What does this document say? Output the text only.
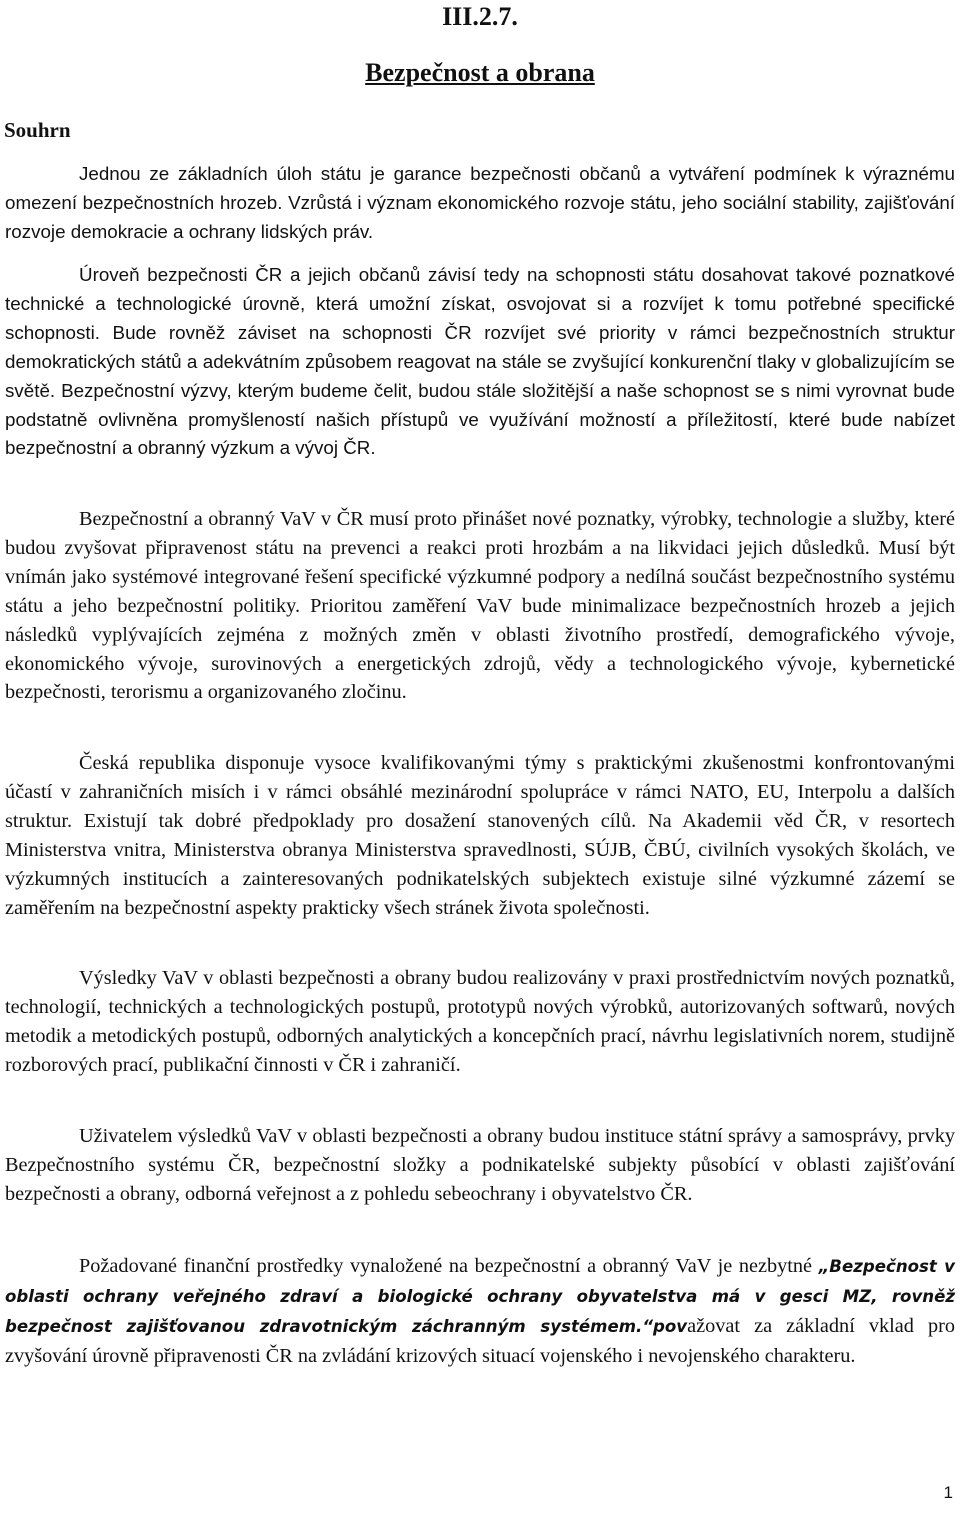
III.2.7.

Bezpečnost a obrana

Souhrn

Jednou ze základních úloh státu je garance bezpečnosti občanů a vytváření podmínek k výraznému omezení bezpečnostních hrozeb. Vzrůstá i význam ekonomického rozvoje státu, jeho sociální stability, zajišťování rozvoje demokracie a ochrany lidských práv.

Úroveň bezpečnosti ČR a jejich občanů závisí tedy na schopnosti státu dosahovat takové poznatkové technické a technologické úrovně, která umožní získat, osvojovat si a rozvíjet k tomu potřebné specifické schopnosti. Bude rovněž záviset na schopnosti ČR rozvíjet své priority v rámci bezpečnostních struktur demokratických států a adekvátním způsobem reagovat na stále se zvyšující konkurenční tlaky v globalizujícím se světě. Bezpečnostní výzvy, kterým budeme čelit, budou stále složitější a naše schopnost se s nimi vyrovnat bude podstatně ovlivněna promyšleností našich přístupů ve využívání možností a příležitostí, které bude nabízet bezpečnostní a obranný výzkum a vývoj ČR.

Bezpečnostní a obranný VaV v ČR musí proto přinášet nové poznatky, výrobky, technologie a služby, které budou zvyšovat připravenost státu na prevenci a reakci proti hrozbám a na likvidaci jejich důsledků. Musí být vnímán jako systémové integrované řešení specifické výzkumné podpory a nedílná součást bezpečnostního systému státu a jeho bezpečnostní politiky. Prioritou zaměření VaV bude minimalizace bezpečnostních hrozeb a jejich následků vyplývajících zejména z možných změn v oblasti životního prostředí, demografického vývoje, ekonomického vývoje, surovinových a energetických zdrojů, vědy a technologického vývoje, kybernetické bezpečnosti, terorismu a organizovaného zločinu.

Česká republika disponuje vysoce kvalifikovanými týmy s praktickými zkušenostmi konfrontovanými účastí v zahraničních misích i v rámci obsáhlé mezinárodní spolupráce v rámci NATO, EU, Interpolu a dalších struktur. Existují tak dobré předpoklady pro dosažení stanovených cílů. Na Akademii věd ČR, v resortech Ministerstva vnitra, Ministerstva obranya Ministerstva spravedlnosti, SÚJB, ČBÚ, civilních vysokých školách, ve výzkumných institucích a zainteresovaných podnikatelských subjektech existuje silné výzkumné zázemí se zaměřením na bezpečnostní aspekty prakticky všech stránek života společnosti.

Výsledky VaV v oblasti bezpečnosti a obrany budou realizovány v praxi prostřednictvím nových poznatků, technologií, technických a technologických postupů, prototypů nových výrobků, autorizovaných softwarů, nových metodik a metodických postupů, odborných analytických a koncepčních prací, návrhu legislativních norem, studijně rozborových prací, publikační činnosti v ČR i zahraničí.

Uživatelem výsledků VaV v oblasti bezpečnosti a obrany budou instituce státní správy a samosprávy, prvky Bezpečnostního systému ČR, bezpečnostní složky a podnikatelské subjekty působící v oblasti zajišťování bezpečnosti a obrany, odborná veřejnost a z pohledu sebeochrany i obyvatelstvo ČR.

Požadované finanční prostředky vynaložené na bezpečnostní a obranný VaV je nezbytné „Bezpečnost v oblasti ochrany veřejného zdraví a biologické ochrany obyvatelstva má v gesci MZ, rovněž bezpečnost zajišťovanou zdravotnickým záchranným systémem.“považovat za základní vklad pro zvyšování úrovně připravenosti ČR na zvládání krizových situací vojenského i nevojenského charakteru.

1
